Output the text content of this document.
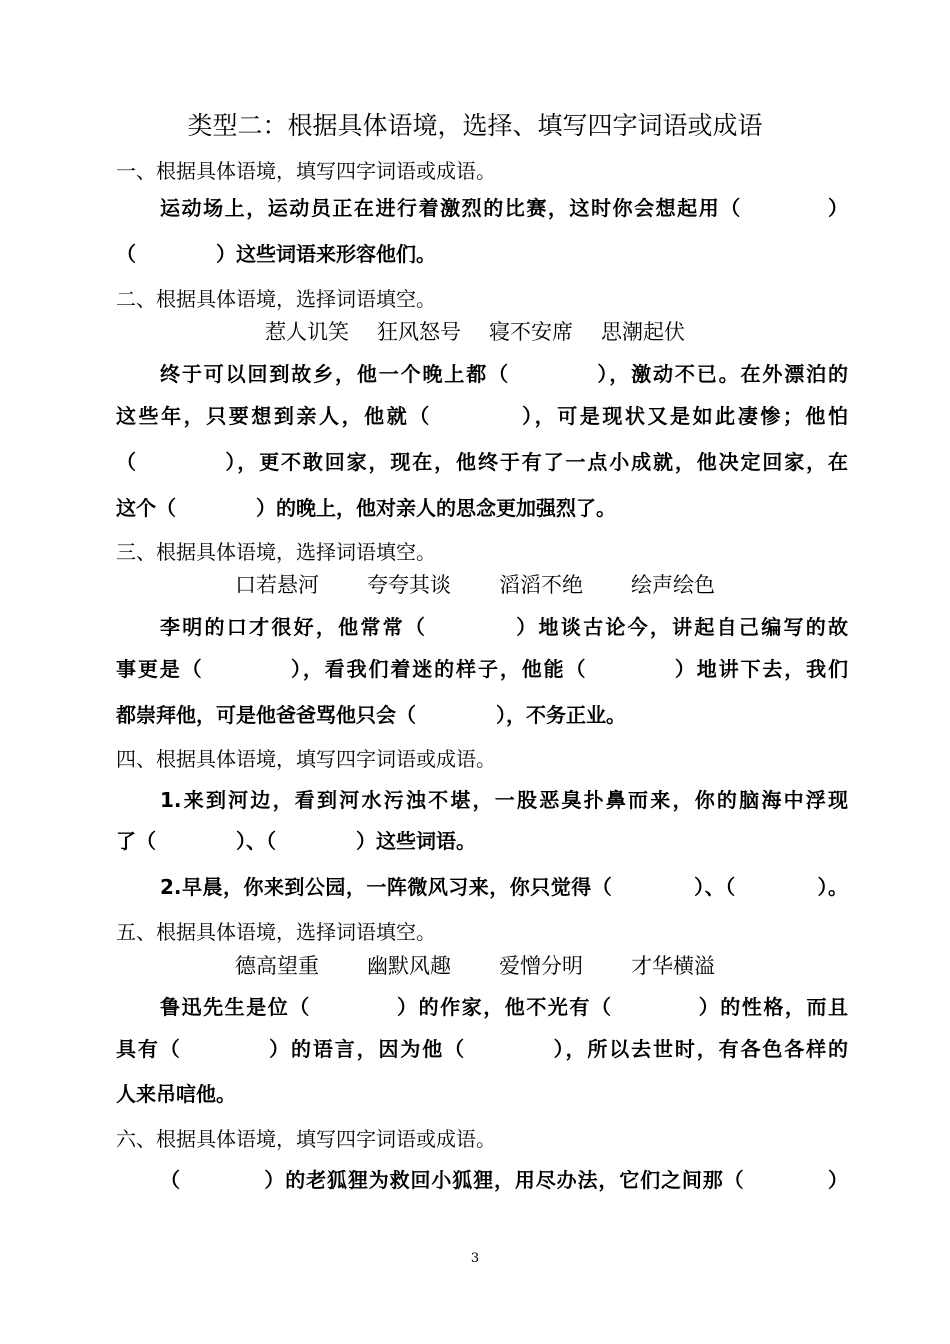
类型二：根据具体语境，选择、填写四字词语或成语
一、根据具体语境，填写四字词语或成语。
运动场上，运动员正在进行着激烈的比赛，这时你会想起用（　　　　）
（　　　　）这些词语来形容他们。
二、根据具体语境，选择词语填空。
惹人讥笑 狂风怒号 寝不安席 思潮起伏
终于可以回到故乡，他一个晚上都（　　　　），激动不已。在外漂泊的
这些年，只要想到亲人，他就（　　　　），可是现状又是如此凄惨；他怕
（　　　　），更不敢回家，现在，他终于有了一点小成就，他决定回家，在
这个（　　　　）的晚上，他对亲人的思念更加强烈了。
三、根据具体语境，选择词语填空。
口若悬河 夸夸其谈 滔滔不绝 绘声绘色
李明的口才很好，他常常（　　　　）地谈古论今，讲起自己编写的故
事更是（　　　　），看我们着迷的样子，他能（　　　　）地讲下去，我们
都崇拜他，可是他爸爸骂他只会（　　　　），不务正业。
四、根据具体语境，填写四字词语或成语。
1.来到河边，看到河水污浊不堪，一股恶臭扑鼻而来，你的脑海中浮现
了（　　　　）、（　　　　）这些词语。
2.早晨，你来到公园，一阵微风习来，你只觉得（　　　　）、（　　　　）。
五、根据具体语境，选择词语填空。
德高望重 幽默风趣 爱憎分明 才华横溢
鲁迅先生是位（　　　　）的作家，他不光有（　　　　）的性格，而且
具有（　　　　）的语言，因为他（　　　　），所以去世时，有各色各样的
人来吊唁他。
六、根据具体语境，填写四字词语或成语。
（　　　　）的老狐狸为救回小狐狸，用尽办法，它们之间那（　　　　）
3
